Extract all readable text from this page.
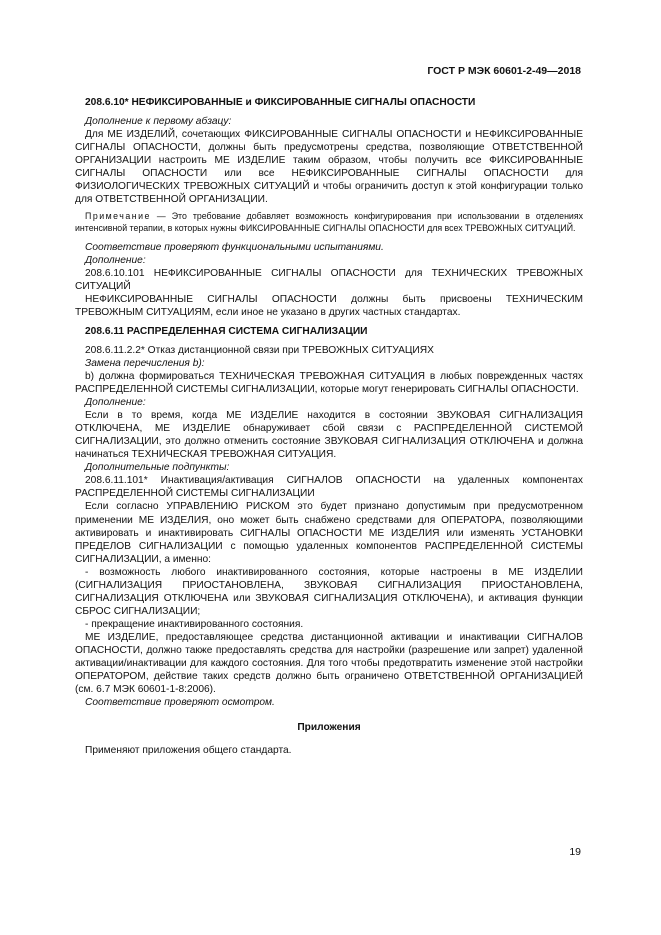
ГОСТ Р МЭК 60601-2-49—2018

208.6.10* НЕФИКСИРОВАННЫЕ и ФИКСИРОВАННЫЕ СИГНАЛЫ ОПАСНОСТИ

Дополнение к первому абзацу:

Для МЕ ИЗДЕЛИЙ, сочетающих ФИКСИРОВАННЫЕ СИГНАЛЫ ОПАСНОСТИ и НЕФИКСИРОВАННЫЕ СИГНАЛЫ ОПАСНОСТИ, должны быть предусмотрены средства, позволяющие ОТВЕТСТВЕННОЙ ОРГАНИЗАЦИИ настроить МЕ ИЗДЕЛИЕ таким образом, чтобы получить все ФИКСИРОВАННЫЕ СИГНАЛЫ ОПАСНОСТИ или все НЕФИКСИРОВАННЫЕ СИГНАЛЫ ОПАСНОСТИ для ФИЗИОЛОГИЧЕСКИХ ТРЕВОЖНЫХ СИТУАЦИЙ и чтобы ограничить доступ к этой конфигурации только для ОТВЕТСТВЕННОЙ ОРГАНИЗАЦИИ.

Примечание — Это требование добавляет возможность конфигурирования при использовании в отделениях интенсивной терапии, в которых нужны ФИКСИРОВАННЫЕ СИГНАЛЫ ОПАСНОСТИ для всех ТРЕВОЖНЫХ СИТУАЦИЙ.

Соответствие проверяют функциональными испытаниями.

Дополнение:

208.6.10.101 НЕФИКСИРОВАННЫЕ СИГНАЛЫ ОПАСНОСТИ для ТЕХНИЧЕСКИХ ТРЕВОЖНЫХ СИТУАЦИЙ

НЕФИКСИРОВАННЫЕ СИГНАЛЫ ОПАСНОСТИ должны быть присвоены ТЕХНИЧЕСКИМ ТРЕВОЖНЫМ СИТУАЦИЯМ, если иное не указано в других частных стандартах.

208.6.11 РАСПРЕДЕЛЕННАЯ СИСТЕМА СИГНАЛИЗАЦИИ

208.6.11.2.2* Отказ дистанционной связи при ТРЕВОЖНЫХ СИТУАЦИЯХ

Замена перечисления b):

b) должна формироваться ТЕХНИЧЕСКАЯ ТРЕВОЖНАЯ СИТУАЦИЯ в любых поврежденных частях РАСПРЕДЕЛЕННОЙ СИСТЕМЫ СИГНАЛИЗАЦИИ, которые могут генерировать СИГНАЛЫ ОПАСНОСТИ.

Дополнение:

Если в то время, когда МЕ ИЗДЕЛИЕ находится в состоянии ЗВУКОВАЯ СИГНАЛИЗАЦИЯ ОТКЛЮЧЕНА, МЕ ИЗДЕЛИЕ обнаруживает сбой связи с РАСПРЕДЕЛЕННОЙ СИСТЕМОЙ СИГНАЛИЗАЦИИ, это должно отменить состояние ЗВУКОВАЯ СИГНАЛИЗАЦИЯ ОТКЛЮЧЕНА и должна начинаться ТЕХНИЧЕСКАЯ ТРЕВОЖНАЯ СИТУАЦИЯ.

Дополнительные подпункты:

208.6.11.101* Инактивация/активация СИГНАЛОВ ОПАСНОСТИ на удаленных компонентах РАСПРЕДЕЛЕННОЙ СИСТЕМЫ СИГНАЛИЗАЦИИ

Если согласно УПРАВЛЕНИЮ РИСКОМ это будет признано допустимым при предусмотренном применении МЕ ИЗДЕЛИЯ, оно может быть снабжено средствами для ОПЕРАТОРА, позволяющими активировать и инактивировать СИГНАЛЫ ОПАСНОСТИ МЕ ИЗДЕЛИЯ или изменять УСТАНОВКИ ПРЕДЕЛОВ СИГНАЛИЗАЦИИ с помощью удаленных компонентов РАСПРЕДЕЛЕННОЙ СИСТЕМЫ СИГНАЛИЗАЦИИ, а именно:

- возможность любого инактивированного состояния, которые настроены в МЕ ИЗДЕЛИИ (СИГНАЛИЗАЦИЯ ПРИОСТАНОВЛЕНА, ЗВУКОВАЯ СИГНАЛИЗАЦИЯ ПРИОСТАНОВЛЕНА, СИГНАЛИЗАЦИЯ ОТКЛЮЧЕНА или ЗВУКОВАЯ СИГНАЛИЗАЦИЯ ОТКЛЮЧЕНА), и активация функции СБРОС СИГНАЛИЗАЦИИ;

- прекращение инактивированного состояния.

МЕ ИЗДЕЛИЕ, предоставляющее средства дистанционной активации и инактивации СИГНАЛОВ ОПАСНОСТИ, должно также предоставлять средства для настройки (разрешение или запрет) удаленной активации/инактивации для каждого состояния. Для того чтобы предотвратить изменение этой настройки ОПЕРАТОРОМ, действие таких средств должно быть ограничено ОТВЕТСТВЕННОЙ ОРГАНИЗАЦИЕЙ (см. 6.7 МЭК 60601-1-8:2006).

Соответствие проверяют осмотром.

Приложения

Применяют приложения общего стандарта.

19
